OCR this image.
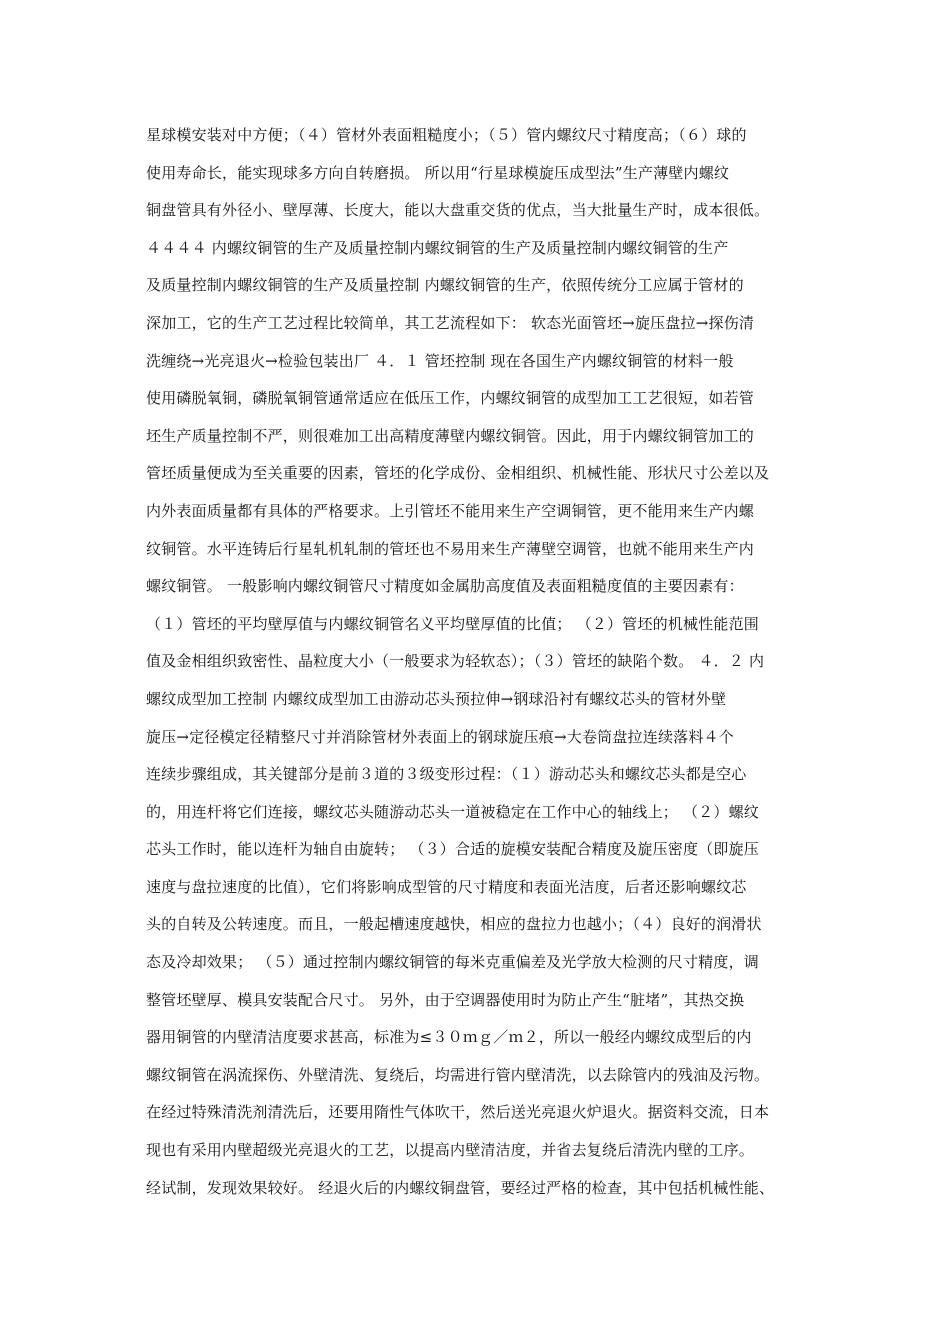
星球模安装对中方便；（４）管材外表面粗糙度小；（５）管内螺纹尺寸精度高；（６）球的
使用寿命长，能实现球多方向自转磨损。 所以用“行星球模旋压成型法”生产薄壁内螺纹
铜盘管具有外径小、壁厚薄、长度大，能以大盘重交货的优点，当大批量生产时，成本很低。
４４４４ 内螺纹铜管的生产及质量控制内螺纹铜管的生产及质量控制内螺纹铜管的生产
及质量控制内螺纹铜管的生产及质量控制 内螺纹铜管的生产，依照传统分工应属于管材的
深加工，它的生产工艺过程比较简单，其工艺流程如下： 软态光面管坯→旋压盘拉→探伤清
洗缠绕→光亮退火→检验包装出厂 ４．１ 管坯控制 现在各国生产内螺纹铜管的材料一般
使用磷脱氧铜，磷脱氧铜管通常适应在低压工作，内螺纹铜管的成型加工工艺很短，如若管
坯生产质量控制不严，则很难加工出高精度薄壁内螺纹铜管。因此，用于内螺纹铜管加工的
管坯质量便成为至关重要的因素，管坯的化学成份、金相组织、机械性能、形状尺寸公差以及
内外表面质量都有具体的严格要求。上引管坯不能用来生产空调铜管，更不能用来生产内螺
纹铜管。水平连铸后行星轧机轧制的管坯也不易用来生产薄壁空调管，也就不能用来生产内
螺纹铜管。 一般影响内螺纹铜管尺寸精度如金属肋高度值及表面粗糙度值的主要因素有：
（１）管坯的平均壁厚值与内螺纹铜管名义平均壁厚值的比值； （２）管坯的机械性能范围
值及金相组织致密性、晶粒度大小（一般要求为轻软态）；（３）管坯的缺陷个数。 ４．２ 内
螺纹成型加工控制 内螺纹成型加工由游动芯头预拉伸→钢球沿衬有螺纹芯头的管材外壁
旋压→定径模定径精整尺寸并消除管材外表面上的钢球旋压痕→大卷筒盘拉连续落料４个
连续步骤组成，其关键部分是前３道的３级变形过程：（１）游动芯头和螺纹芯头都是空心
的，用连杆将它们连接，螺纹芯头随游动芯头一道被稳定在工作中心的轴线上； （２）螺纹
芯头工作时，能以连杆为轴自由旋转； （３）合适的旋模安装配合精度及旋压密度（即旋压
速度与盘拉速度的比值），它们将影响成型管的尺寸精度和表面光洁度，后者还影响螺纹芯
头的自转及公转速度。而且，一般起槽速度越快，相应的盘拉力也越小；（４）良好的润滑状
态及冷却效果； （５）通过控制内螺纹铜管的每米克重偏差及光学放大检测的尺寸精度，调
整管坯壁厚、模具安装配合尺寸。 另外，由于空调器使用时为防止产生“脏堵”，其热交换
器用铜管的内壁清洁度要求甚高，标准为≤３０ｍｇ／ｍ２，所以一般经内螺纹成型后的内
螺纹铜管在涡流探伤、外壁清洗、复绕后，均需进行管内壁清洗，以去除管内的残油及污物。
在经过特殊清洗剂清洗后，还要用隋性气体吹干，然后送光亮退火炉退火。据资料交流，日本
现也有采用内壁超级光亮退火的工艺，以提高内壁清洁度，并省去复绕后清洗内壁的工序。
经试制，发现效果较好。 经退火后的内螺纹铜盘管，要经过严格的检查，其中包括机械性能、
